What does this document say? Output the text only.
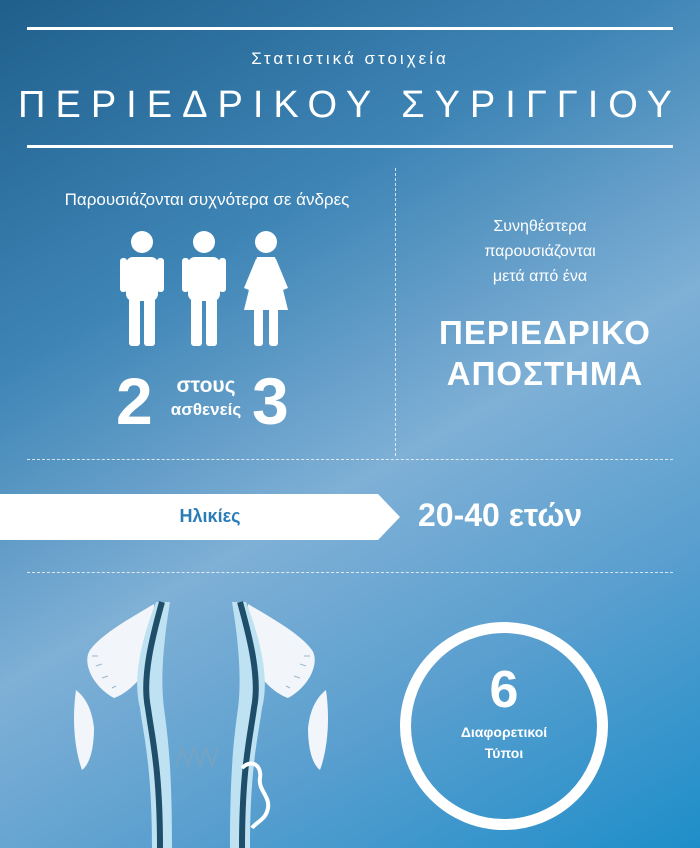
Στατιστικά στοιχεία
ΠΕΡΙΕΔΡΙΚΟΥ ΣΥΡΙΓΓΙΟΥ
Παρουσιάζονται συχνότερα σε άνδρες
2	στους
ασθενείς 3
Συνηθέστερα
παρουσιάζονται
μετά από ένα
ΠΕΡΙΕΔΡΙΚΟ
ΑΠΟΣΤΗΜΑ
Ηλικίες	20-40 ετών
6
Διαφορετικοί
Τύποι
